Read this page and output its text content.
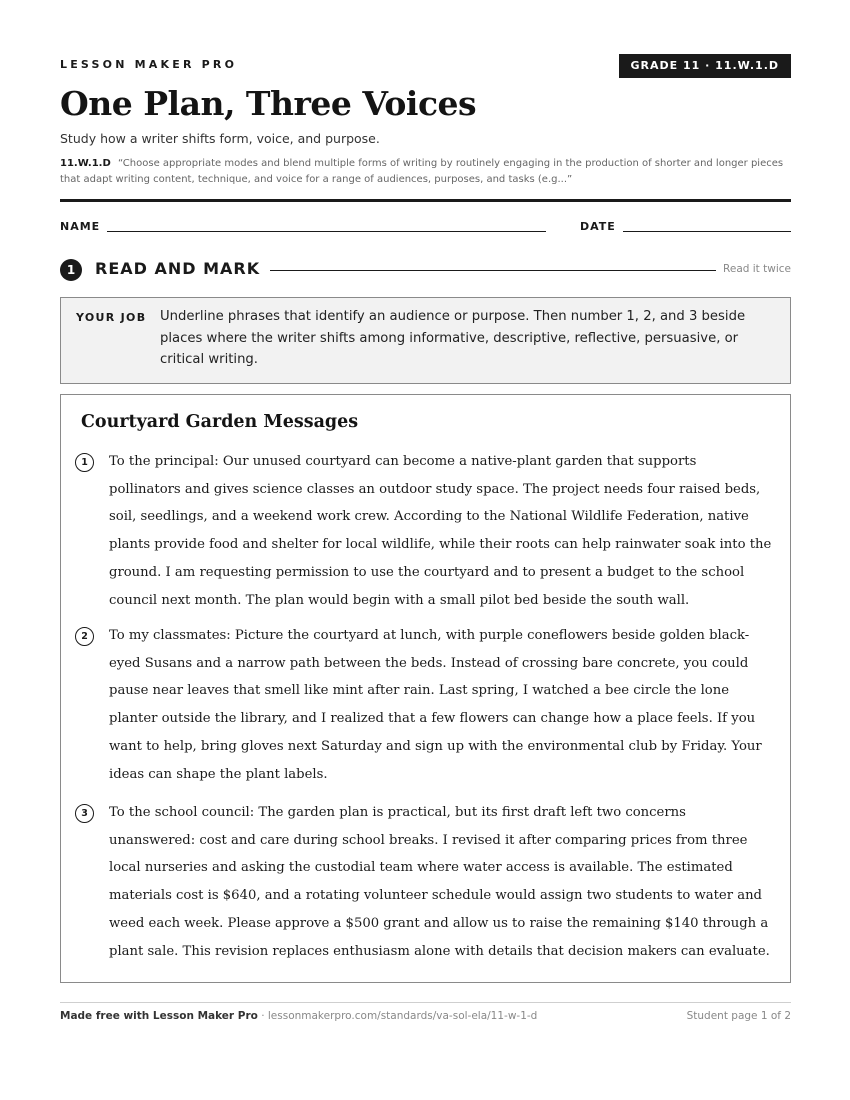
LESSON MAKER PRO	GRADE 11 · 11.W.1.D
One Plan, Three Voices
Study how a writer shifts form, voice, and purpose.
11.W.1.D “Choose appropriate modes and blend multiple forms of writing by routinely engaging in the production of shorter and longer pieces that adapt writing content, technique, and voice for a range of audiences, purposes, and tasks (e.g...”
NAME	DATE
1	READ AND MARK	Read it twice
YOUR JOB Underline phrases that identify an audience or purpose. Then number 1, 2, and 3 beside places where the writer shifts among informative, descriptive, reflective, persuasive, or critical writing.
Courtyard Garden Messages
1	To the principal: Our unused courtyard can become a native-plant garden that supports pollinators and gives science classes an outdoor study space. The project needs four raised beds, soil, seedlings, and a weekend work crew. According to the National Wildlife Federation, native plants provide food and shelter for local wildlife, while their roots can help rainwater soak into the ground. I am requesting permission to use the courtyard and to present a budget to the school council next month. The plan would begin with a small pilot bed beside the south wall.
2	To my classmates: Picture the courtyard at lunch, with purple coneflowers beside golden black-eyed Susans and a narrow path between the beds. Instead of crossing bare concrete, you could pause near leaves that smell like mint after rain. Last spring, I watched a bee circle the lone planter outside the library, and I realized that a few flowers can change how a place feels. If you want to help, bring gloves next Saturday and sign up with the environmental club by Friday. Your ideas can shape the plant labels.
3	To the school council: The garden plan is practical, but its first draft left two concerns unanswered: cost and care during school breaks. I revised it after comparing prices from three local nurseries and asking the custodial team where water access is available. The estimated materials cost is $640, and a rotating volunteer schedule would assign two students to water and weed each week. Please approve a $500 grant and allow us to raise the remaining $140 through a plant sale. This revision replaces enthusiasm alone with details that decision makers can evaluate.
Made free with Lesson Maker Pro · lessonmakerpro.com/standards/va-sol-ela/11-w-1-d	Student page 1 of 2
